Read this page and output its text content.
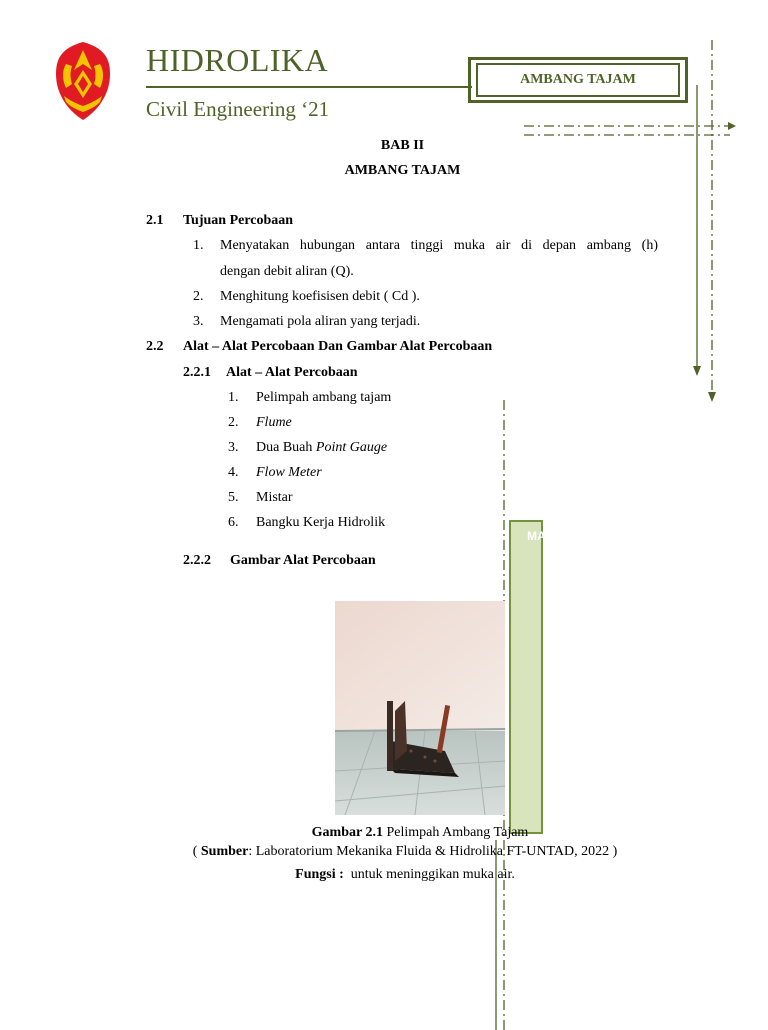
HIDROLIKA
Civil Engineering ‘21
AMBANG TAJAM
BAB II
AMBANG TAJAM
2.1 Tujuan Percobaan
1. Menyatakan hubungan antara tinggi muka air di depan ambang (h)
dengan debit aliran (Q).
2. Menghitung koefisisen debit ( Cd ).
3. Mengamati pola aliran yang terjadi.
2.2 Alat – Alat Percobaan Dan Gambar Alat Percobaan
2.2.1 Alat – Alat Percobaan
1. Pelimpah ambang tajam
2. Flume
3. Dua Buah Point Gauge
4. Flow Meter
5. Mistar
6. Bangku Kerja Hidrolik
2.2.2 Gambar Alat Percobaan
MA
Gambar 2.1 Pelimpah Ambang Tajam
( Sumber: Laboratorium Mekanika Fluida & Hidrolika FT-UNTAD, 2022 )
Fungsi :  untuk meninggikan muka air.
